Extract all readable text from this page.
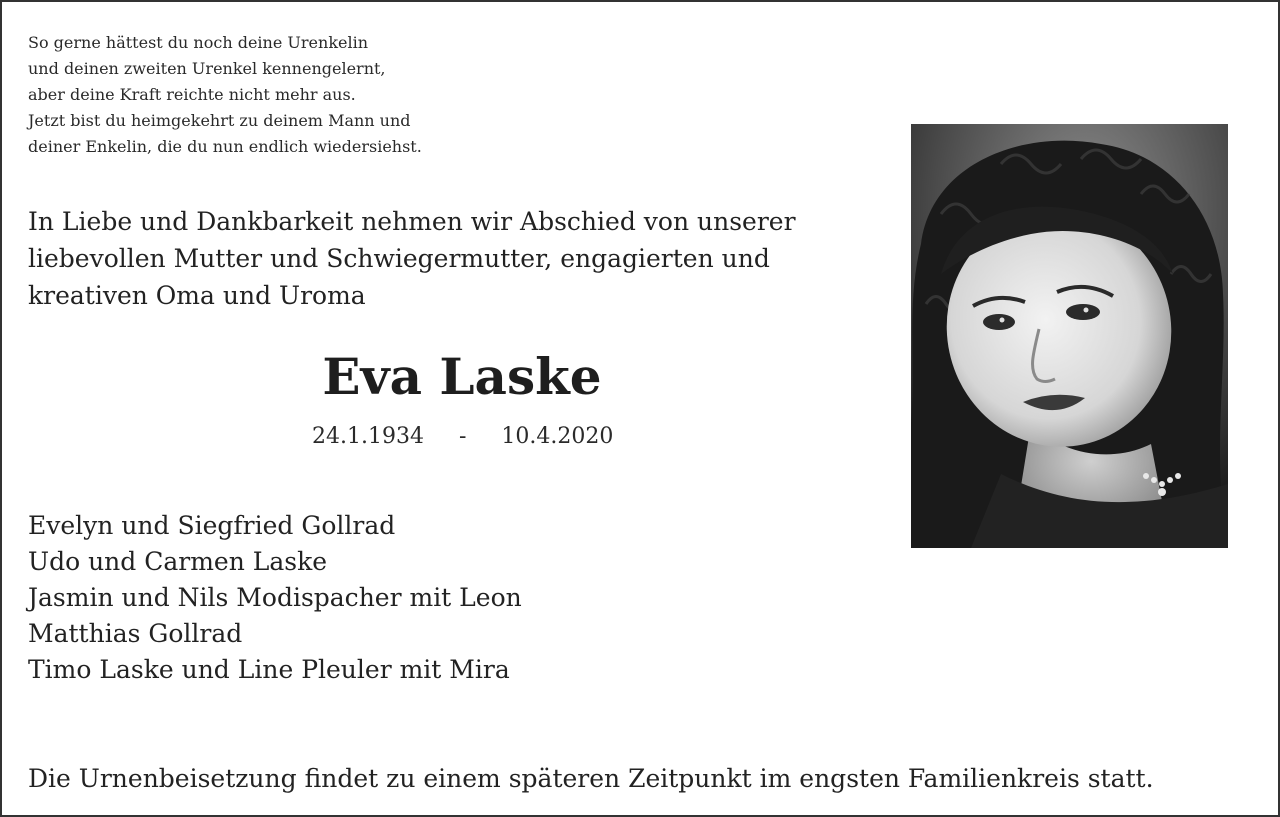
So gerne hättest du noch deine Urenkelin
und deinen zweiten Urenkel kennengelernt,
aber deine Kraft reichte nicht mehr aus.
Jetzt bist du heimgekehrt zu deinem Mann und
deiner Enkelin, die du nun endlich wiedersiehst.
In Liebe und Dankbarkeit nehmen wir Abschied von unserer
liebevollen Mutter und Schwiegermutter, engagierten und
kreativen Oma und Uroma
Eva Laske
24.1.1934 - 10.4.2020
Evelyn und Siegfried Gollrad
Udo und Carmen Laske
Jasmin und Nils Modispacher mit Leon
Matthias Gollrad
Timo Laske und Line Pleuler mit Mira
Die Urnenbeisetzung findet zu einem späteren Zeitpunkt im engsten Familienkreis statt.
